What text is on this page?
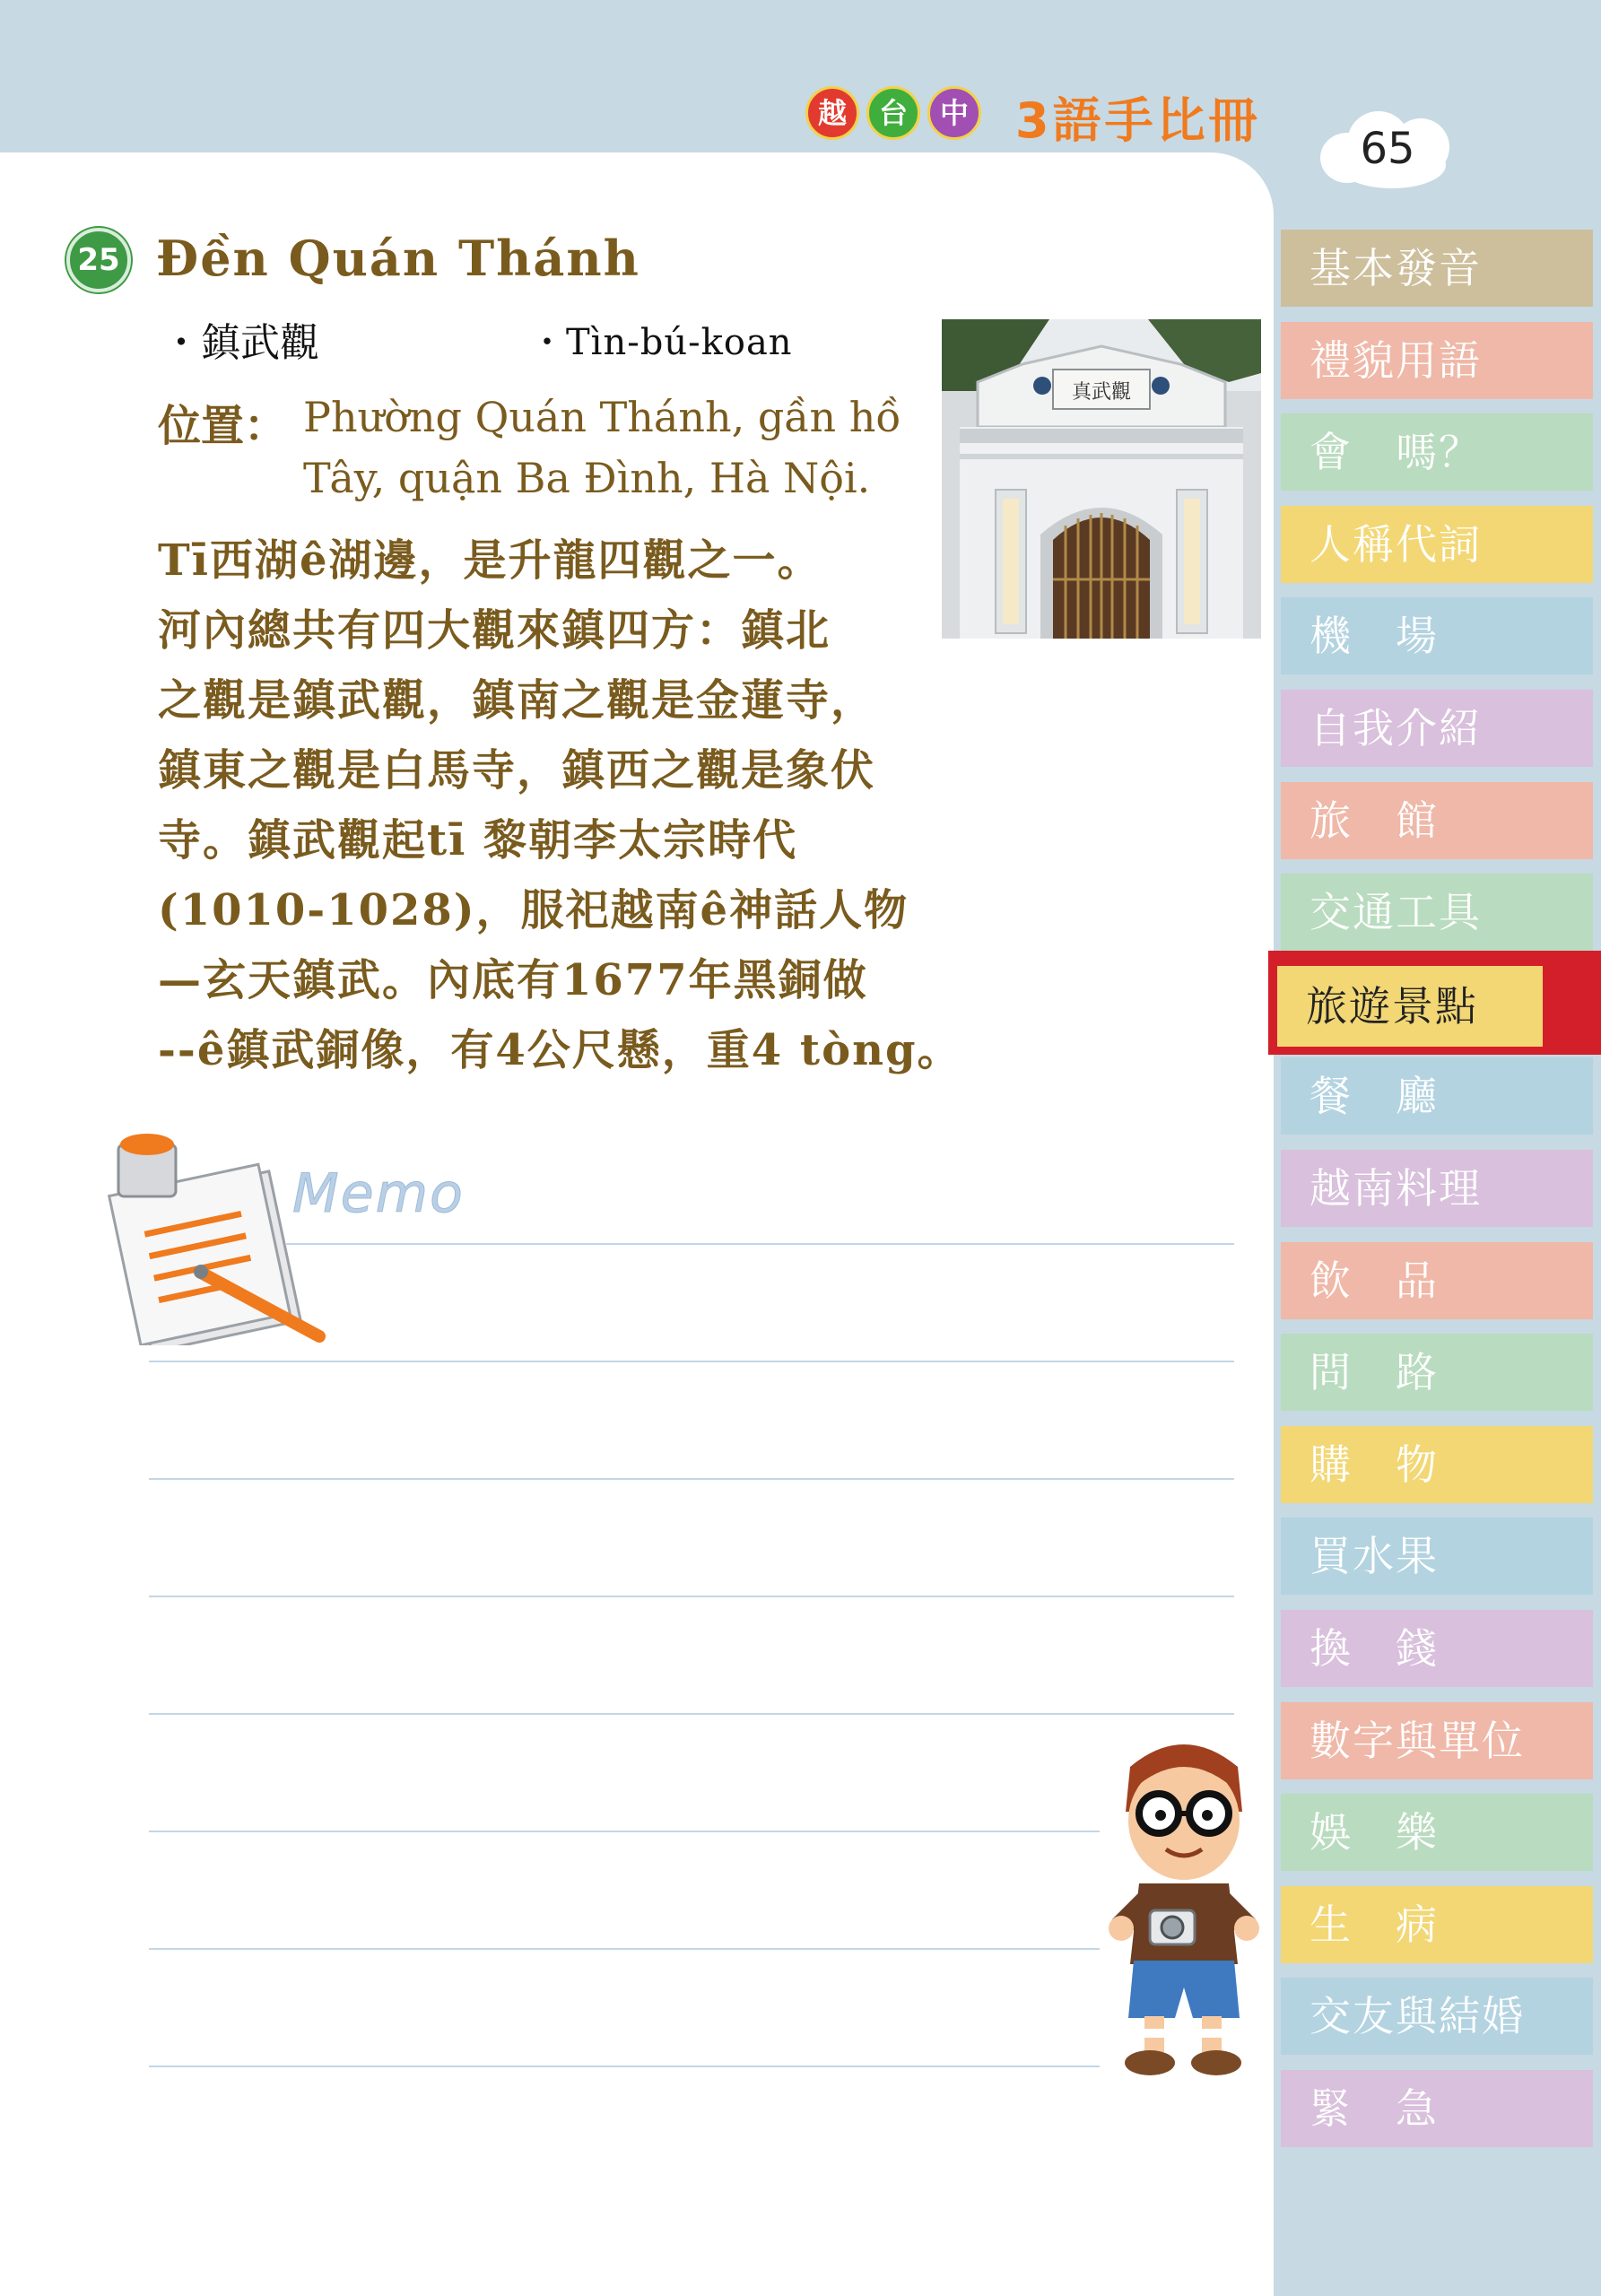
越	台	中 3語手比冊	65
25 Đền Quán Thánh
・鎮武觀	・Tìn-bú-koan
位置： Phường Quán Thánh, gần hồ
Tây, quận Ba Đình, Hà Nội.
Tī西湖ê湖邊，是升龍四觀之一。
河內總共有四大觀來鎮四方：鎮北
之觀是鎮武觀，鎮南之觀是金蓮寺，
鎮東之觀是白馬寺，鎮西之觀是象伏
寺。鎮武觀起tī 黎朝李太宗時代
(1010-1028)，服祀越南ê神話人物
—玄天鎮武。內底有1677年黑銅做
--ê鎮武銅像，有4公尺懸，重4 tòng。
真武觀
Memo
基本發音
禮貌用語
會　嗎？
人稱代詞
機　場
自我介紹
旅　館
交通工具
旅遊景點
餐　廳
越南料理
飲　品
問　路
購　物
買水果
換　錢
數字與單位
娛　樂
生　病
交友與結婚
緊　急
